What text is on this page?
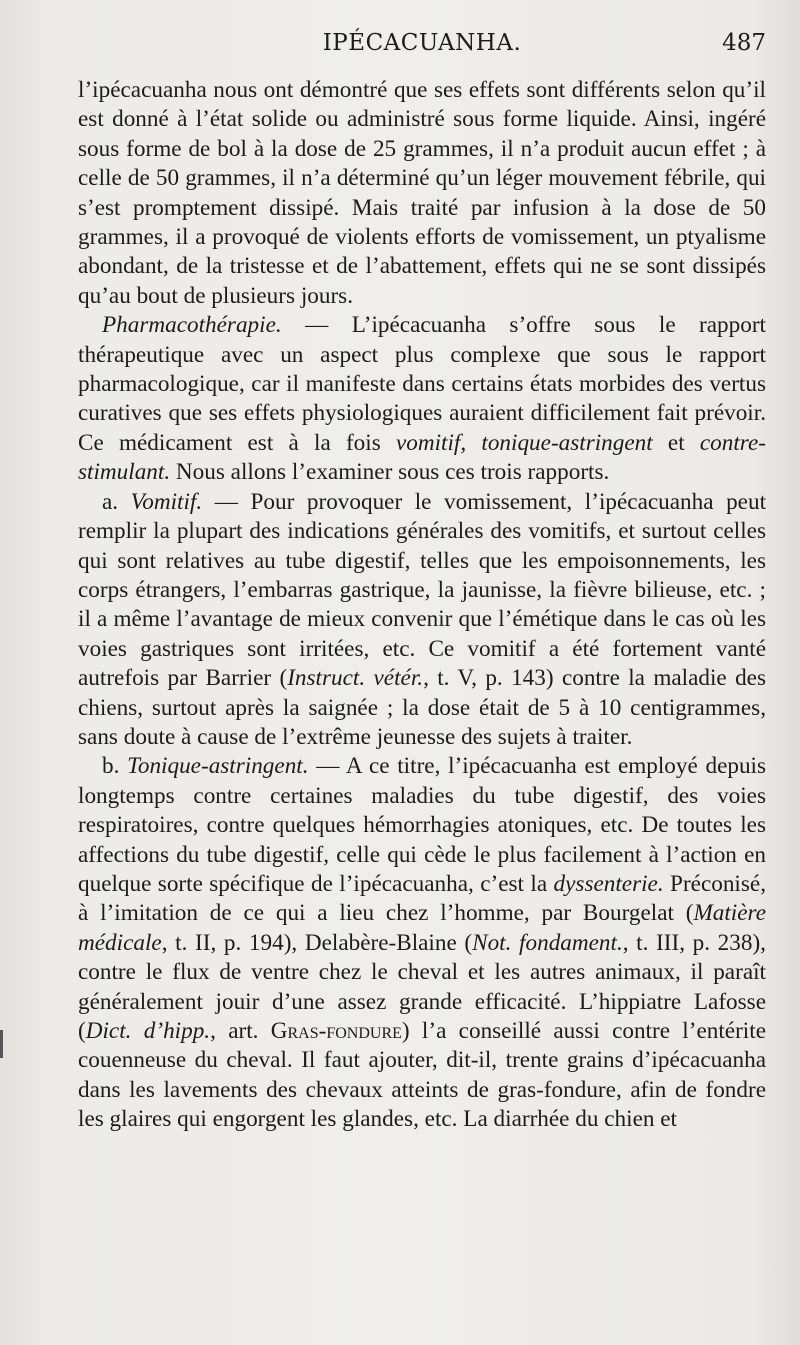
IPÉCACUANHA.	487

l’ipécacuanha nous ont démontré que ses effets sont différents selon qu’il est donné à l’état solide ou administré sous forme liquide. Ainsi, ingéré sous forme de bol à la dose de 25 grammes, il n’a produit aucun effet ; à celle de 50 grammes, il n’a déterminé qu’un léger mouvement fébrile, qui s’est promptement dissipé. Mais traité par infusion à la dose de 50 grammes, il a provoqué de violents efforts de vomissement, un ptyalisme abondant, de la tristesse et de l’abattement, effets qui ne se sont dissipés qu’au bout de plusieurs jours.

Pharmacothérapie. — L’ipécacuanha s’offre sous le rapport thérapeutique avec un aspect plus complexe que sous le rapport pharmacologique, car il manifeste dans certains états morbides des vertus curatives que ses effets physiologiques auraient difficilement fait prévoir. Ce médicament est à la fois vomitif, tonique-astringent et contre-stimulant. Nous allons l’examiner sous ces trois rapports.

a. Vomitif. — Pour provoquer le vomissement, l’ipécacuanha peut remplir la plupart des indications générales des vomitifs, et surtout celles qui sont relatives au tube digestif, telles que les empoisonnements, les corps étrangers, l’embarras gastrique, la jaunisse, la fièvre bilieuse, etc. ; il a même l’avantage de mieux convenir que l’émétique dans le cas où les voies gastriques sont irritées, etc. Ce vomitif a été fortement vanté autrefois par Barrier (Instruct. vétér., t. V, p. 143) contre la maladie des chiens, surtout après la saignée ; la dose était de 5 à 10 centigrammes, sans doute à cause de l’extrême jeunesse des sujets à traiter.

b. Tonique-astringent. — A ce titre, l’ipécacuanha est employé depuis longtemps contre certaines maladies du tube digestif, des voies respiratoires, contre quelques hémorrhagies atoniques, etc. De toutes les affections du tube digestif, celle qui cède le plus facilement à l’action en quelque sorte spécifique de l’ipécacuanha, c’est la dyssenterie. Préconisé, à l’imitation de ce qui a lieu chez l’homme, par Bourgelat (Matière médicale, t. II, p. 194), Delabère-Blaine (Not. fondament., t. III, p. 238), contre le flux de ventre chez le cheval et les autres animaux, il paraît généralement jouir d’une assez grande efficacité. L’hippiatre Lafosse (Dict. d’hipp., art. Gras-fondure) l’a conseillé aussi contre l’entérite couenneuse du cheval. Il faut ajouter, dit-il, trente grains d’ipécacuanha dans les lavements des chevaux atteints de gras-fondure, afin de fondre les glaires qui engorgent les glandes, etc. La diarrhée du chien et
